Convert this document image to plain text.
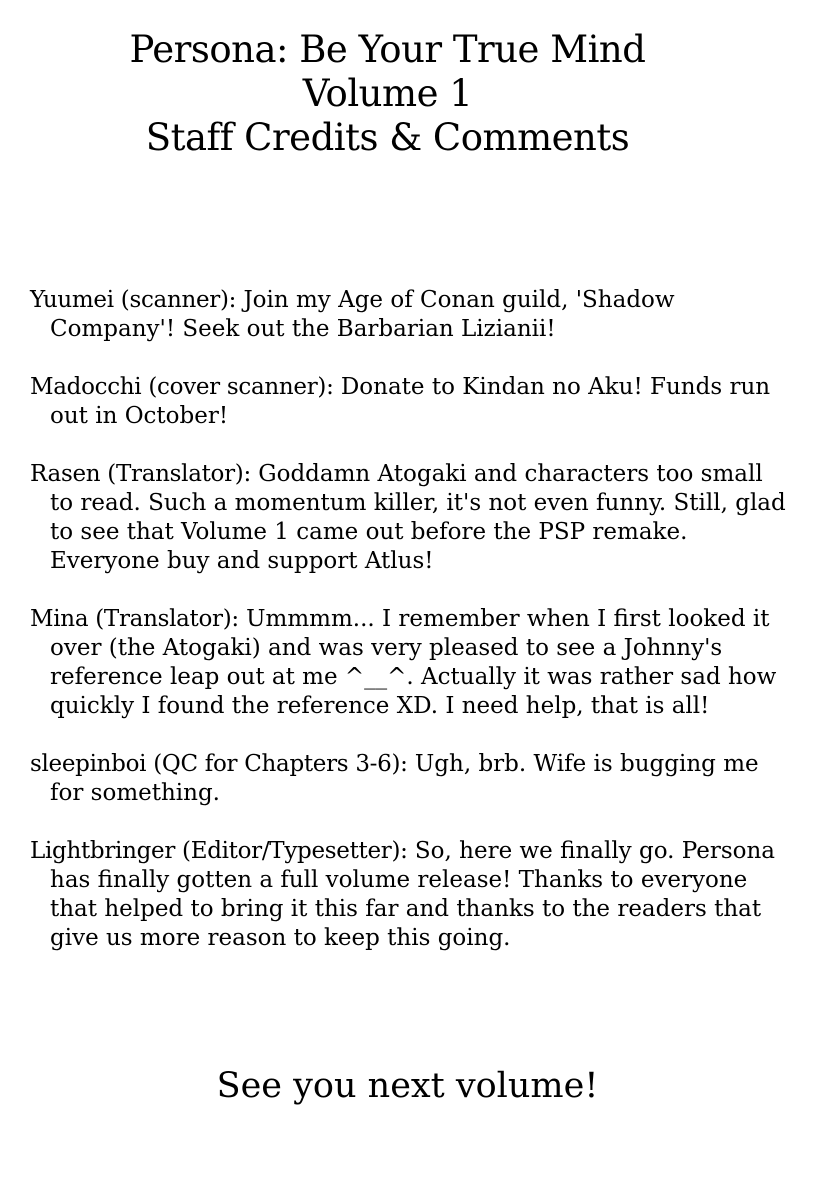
Persona: Be Your True Mind
Volume 1
Staff Credits & Comments

Yuumei (scanner): Join my Age of Conan guild, 'Shadow Company'! Seek out the Barbarian Lizianii!

Madocchi (cover scanner): Donate to Kindan no Aku! Funds run out in October!

Rasen (Translator): Goddamn Atogaki and characters too small to read. Such a momentum killer, it's not even funny. Still, glad to see that Volume 1 came out before the PSP remake. Everyone buy and support Atlus!

Mina (Translator): Ummmm... I remember when I first looked it over (the Atogaki) and was very pleased to see a Johnny's reference leap out at me ^__^. Actually it was rather sad how quickly I found the reference XD. I need help, that is all!

sleepinboi (QC for Chapters 3-6): Ugh, brb. Wife is bugging me for something.

Lightbringer (Editor/Typesetter): So, here we finally go. Persona has finally gotten a full volume release! Thanks to everyone that helped to bring it this far and thanks to the readers that give us more reason to keep this going.

See you next volume!
